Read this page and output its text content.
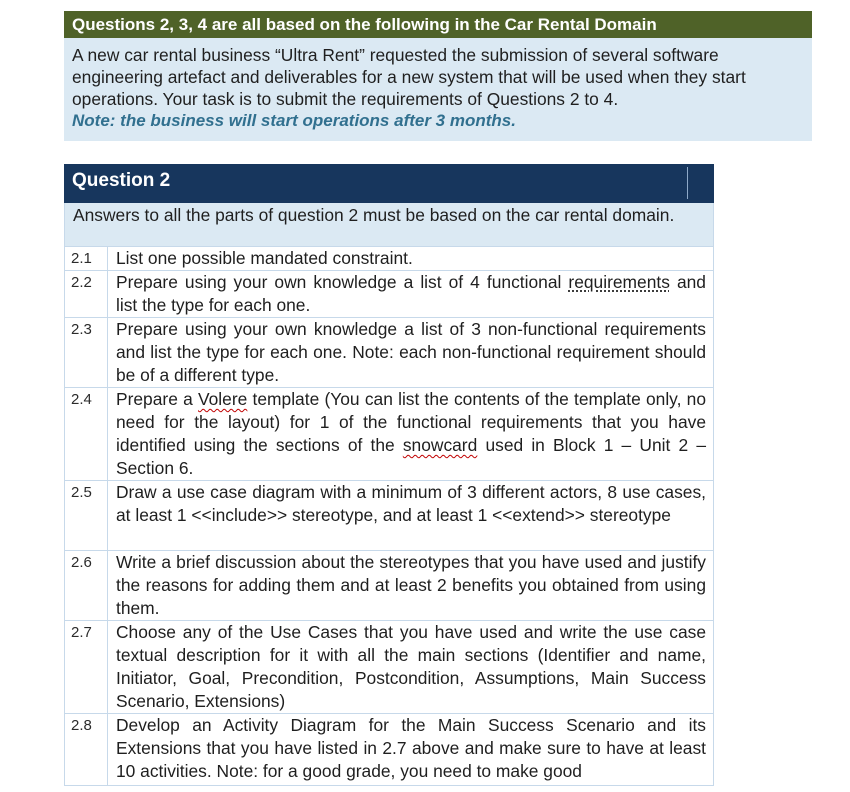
Questions 2, 3, 4 are all based on the following in the Car Rental Domain
A new car rental business “Ultra Rent” requested the submission of several software engineering artefact and deliverables for a new system that will be used when they start operations. Your task is to submit the requirements of Questions 2 to 4.
Note: the business will start operations after 3 months.
Question 2
Answers to all the parts of question 2 must be based on the car rental domain.
2.1	List one possible mandated constraint.
2.2	Prepare using your own knowledge a list of 4 functional requirements and list the type for each one.
2.3	Prepare using your own knowledge a list of 3 non-functional requirements and list the type for each one. Note: each non-functional requirement should be of a different type.
2.4	Prepare a Volere template (You can list the contents of the template only, no need for the layout) for 1 of the functional requirements that you have identified using the sections of the snowcard used in Block 1 – Unit 2 – Section 6.
2.5	Draw a use case diagram with a minimum of 3 different actors, 8 use cases, at least 1 <<include>> stereotype, and at least 1 <<extend>> stereotype
2.6	Write a brief discussion about the stereotypes that you have used and justify the reasons for adding them and at least 2 benefits you obtained from using them.
2.7	Choose any of the Use Cases that you have used and write the use case textual description for it with all the main sections (Identifier and name, Initiator, Goal, Precondition, Postcondition, Assumptions, Main Success Scenario, Extensions)
2.8	Develop an Activity Diagram for the Main Success Scenario and its Extensions that you have listed in 2.7 above and make sure to have at least 10 activities. Note: for a good grade, you need to make good
